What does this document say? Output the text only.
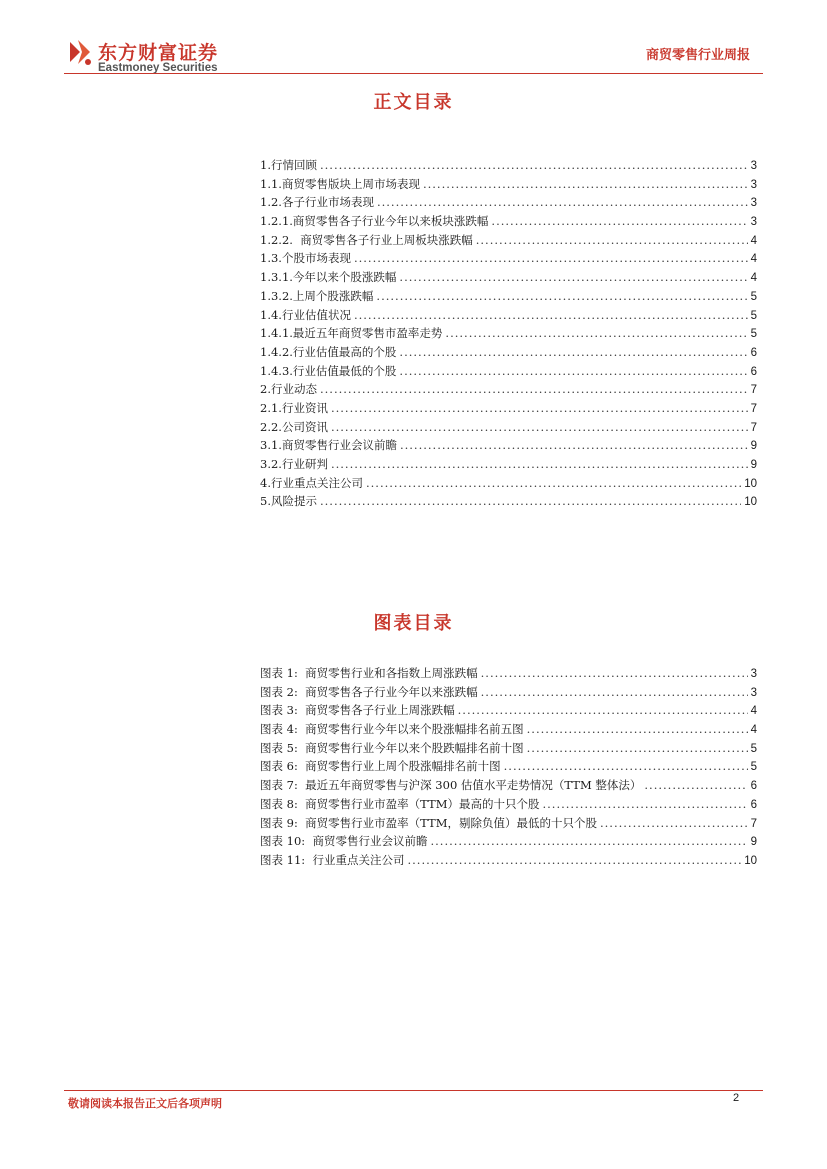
东方财富证券
Eastmoney Securities
商贸零售行业周报
正文目录
1.行情回顾 .....	3
1.1.商贸零售版块上周市场表现 .....	3
1.2.各子行业市场表现 .....	3
1.2.1.商贸零售各子行业今年以来板块涨跌幅 .....	3
1.2.2.  商贸零售各子行业上周板块涨跌幅 .....	4
1.3.个股市场表现 .....	4
1.3.1.今年以来个股涨跌幅 .....	4
1.3.2.上周个股涨跌幅 .....	5
1.4.行业估值状况 .....	5
1.4.1.最近五年商贸零售市盈率走势 .....	5
1.4.2.行业估值最高的个股 .....	6
1.4.3.行业估值最低的个股 .....	6
2.行业动态 .....	7
2.1.行业资讯 .....	7
2.2.公司资讯 .....	7
3.1.商贸零售行业会议前瞻 .....	9
3.2.行业研判 .....	9
4.行业重点关注公司 .....	10
5.风险提示 .....	10
图表目录
图表 1:  商贸零售行业和各指数上周涨跌幅 .....	3
图表 2:  商贸零售各子行业今年以来涨跌幅 .....	3
图表 3:  商贸零售各子行业上周涨跌幅 .....	4
图表 4:  商贸零售行业今年以来个股涨幅排名前五图 .....	4
图表 5:  商贸零售行业今年以来个股跌幅排名前十图 .....	5
图表 6:  商贸零售行业上周个股涨幅排名前十图 .....	5
图表 7:  最近五年商贸零售与沪深 300 估值水平走势情况（TTM 整体法） .....	6
图表 8:  商贸零售行业市盈率（TTM）最高的十只个股 .....	6
图表 9:  商贸零售行业市盈率（TTM，剔除负值）最低的十只个股 .....	7
图表 10:  商贸零售行业会议前瞻 .....	9
图表 11:  行业重点关注公司 .....	10
敬请阅读本报告正文后各项声明	2
